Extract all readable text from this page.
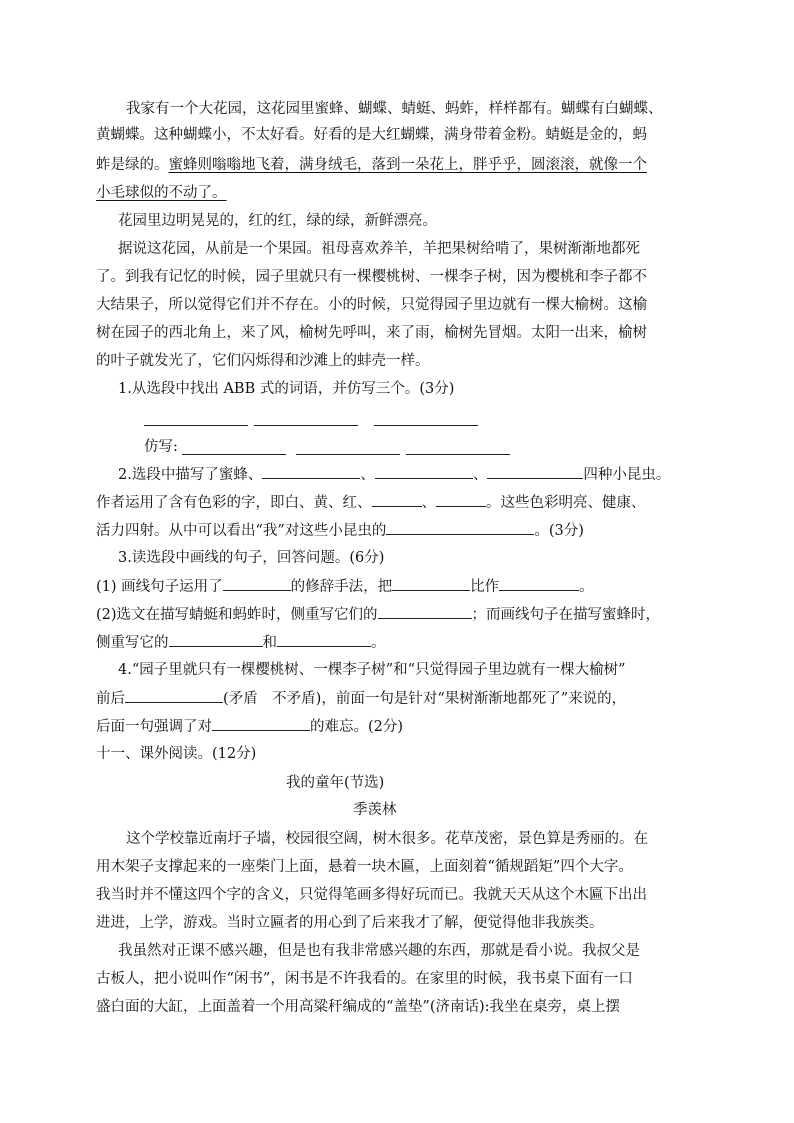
我家有一个大花园，这花园里蜜蜂、蝴蝶、蜻蜓、蚂蚱，样样都有。蝴蝶有白蝴蝶、

黄蝴蝶。这种蝴蝶小，不太好看。好看的是大红蝴蝶，满身带着金粉。蜻蜓是金的，蚂

蚱是绿的。蜜蜂则嗡嗡地飞着，满身绒毛，落到一朵花上，胖乎乎，圆滚滚，就像一个

小毛球似的不动了。

花园里边明晃晃的，红的红，绿的绿，新鲜漂亮。

据说这花园，从前是一个果园。祖母喜欢养羊，羊把果树给啃了，果树渐渐地都死

了。到我有记忆的时候，园子里就只有一棵樱桃树、一棵李子树，因为樱桃和李子都不

大结果子，所以觉得它们并不存在。小的时候，只觉得园子里边就有一棵大榆树。这榆

树在园子的西北角上，来了风，榆树先呼叫，来了雨，榆树先冒烟。太阳一出来，榆树

的叶子就发光了，它们闪烁得和沙滩上的蚌壳一样。

1.从选段中找出 ABB 式的词语，并仿写三个。(3分)

仿写:

2.选段中描写了蜜蜂、	、	、	四种小昆虫。

作者运用了含有色彩的字，即白、黄、红、	、	。这些色彩明亮、健康、

活力四射。从中可以看出“我”对这些小昆虫的	。(3分)

3.读选段中画线的句子，回答问题。(6分)

(1) 画线句子运用了	的修辞手法，把	比作	。

(2)选文在描写蜻蜓和蚂蚱时，侧重写它们的	；而画线句子在描写蜜蜂时，

侧重写它的	和	。

4.“园子里就只有一棵樱桃树、一棵李子树”和“只觉得园子里边就有一棵大榆树”

前后	(矛盾　不矛盾)，前面一句是针对“果树渐渐地都死了”来说的，

后面一句强调了对	的难忘。(2分)

十一、课外阅读。(12分)

我的童年(节选)

季羡林

这个学校靠近南圩子墙，校园很空阔，树木很多。花草茂密，景色算是秀丽的。在

用木架子支撑起来的一座柴门上面，悬着一块木匾，上面刻着“循规蹈矩”四个大字。

我当时并不懂这四个字的含义，只觉得笔画多得好玩而已。我就天天从这个木匾下出出

进进，上学，游戏。当时立匾者的用心到了后来我才了解，便觉得他非我族类。

我虽然对正课不感兴趣，但是也有我非常感兴趣的东西，那就是看小说。我叔父是

古板人，把小说叫作“闲书”，闲书是不许我看的。在家里的时候，我书桌下面有一口

盛白面的大缸，上面盖着一个用高粱秆编成的“盖垫”(济南话):我坐在桌旁，桌上摆
